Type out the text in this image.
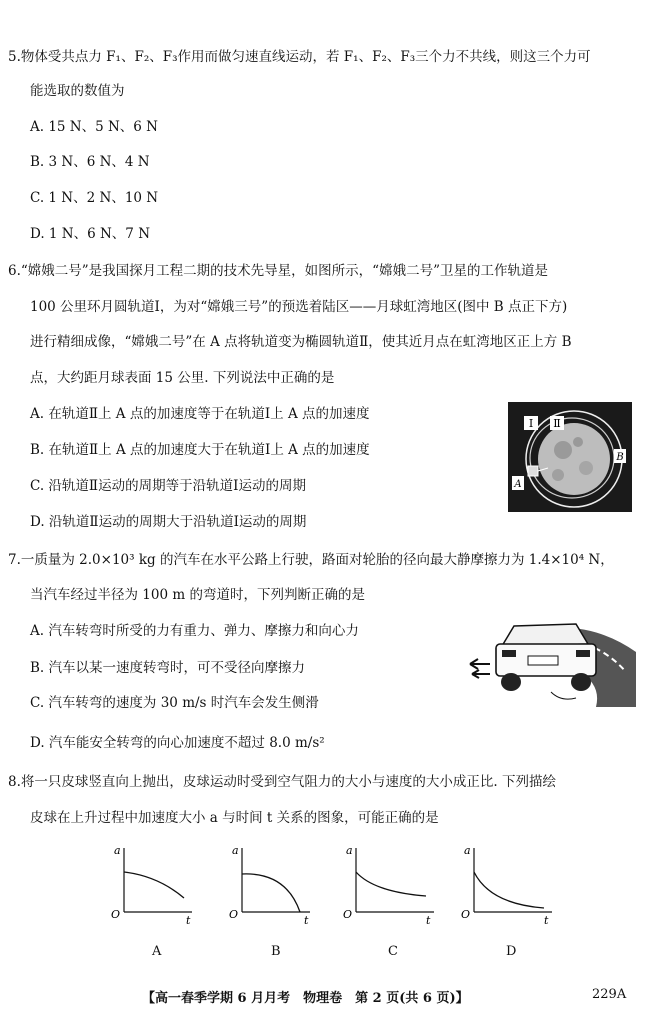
5.物体受共点力 F₁、F₂、F₃作用而做匀速直线运动，若 F₁、F₂、F₃三个力不共线，则这三个力可
能选取的数值为
A. 15 N、5 N、6 N
B. 3 N、6 N、4 N
C. 1 N、2 N、10 N
D. 1 N、6 N、7 N
6.“嫦娥二号”是我国探月工程二期的技术先导星，如图所示，“嫦娥二号”卫星的工作轨道是
100 公里环月圆轨道Ⅰ，为对“嫦娥三号”的预选着陆区——月球虹湾地区(图中 B 点正下方)
进行精细成像，“嫦娥二号”在 A 点将轨道变为椭圆轨道Ⅱ，使其近月点在虹湾地区正上方 B
点，大约距月球表面 15 公里. 下列说法中正确的是
A. 在轨道Ⅱ上 A 点的加速度等于在轨道Ⅰ上 A 点的加速度
B. 在轨道Ⅱ上 A 点的加速度大于在轨道Ⅰ上 A 点的加速度
C. 沿轨道Ⅱ运动的周期等于沿轨道Ⅰ运动的周期
D. 沿轨道Ⅱ运动的周期大于沿轨道Ⅰ运动的周期
Ⅰ Ⅱ
B
A
7.一质量为 2.0×10³ kg 的汽车在水平公路上行驶，路面对轮胎的径向最大静摩擦力为 1.4×10⁴ N，
当汽车经过半径为 100 m 的弯道时，下列判断正确的是
A. 汽车转弯时所受的力有重力、弹力、摩擦力和向心力
B. 汽车以某一速度转弯时，可不受径向摩擦力
C. 汽车转弯的速度为 30 m/s 时汽车会发生侧滑
D. 汽车能安全转弯的向心加速度不超过 8.0 m/s²
8.将一只皮球竖直向上抛出，皮球运动时受到空气阻力的大小与速度的大小成正比. 下列描绘
皮球在上升过程中加速度大小 a 与时间 t 关系的图象，可能正确的是
a
t
O
a
t
O
a
t
O
a
t
O
A	B	C	D
【高一春季学期 6 月月考　物理卷　第 2 页(共 6 页)】	229A
